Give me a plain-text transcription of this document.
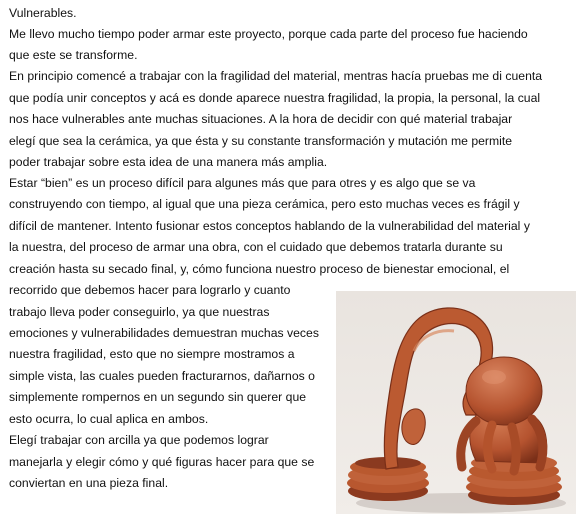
Vulnerables.
Me llevo mucho tiempo poder armar este proyecto, porque cada parte del proceso fue haciendo
que este se transforme.
En principio comencé a trabajar con la fragilidad del material, mentras hacía pruebas me di cuenta
que podía unir conceptos y acá es donde aparece nuestra fragilidad, la propia, la personal, la cual
nos hace vulnerables ante muchas situaciones. A la hora de decidir con qué material trabajar
elegí que sea la cerámica, ya que ésta y su constante transformación y mutación me permite
poder trabajar sobre esta idea de una manera más amplia.
Estar “bien” es un proceso difícil para algunes más que para otres y es algo que se va
construyendo con tiempo, al igual que una pieza cerámica, pero esto muchas veces es frágil y
difícil de mantener. Intento fusionar estos conceptos hablando de la vulnerabilidad del material y
la nuestra, del proceso de armar una obra, con el cuidado que debemos tratarla durante su
creación hasta su secado final, y, cómo funciona nuestro proceso de bienestar emocional, el
recorrido que debemos hacer para lograrlo y cuanto
trabajo lleva poder conseguirlo, ya que nuestras
emociones y vulnerabilidades demuestran muchas veces
nuestra fragilidad, esto que no siempre mostramos a
simple vista, las cuales pueden fracturarnos, dañarnos o
simplemente rompernos en un segundo sin querer que
esto ocurra, lo cual aplica en ambos.
Elegí trabajar con arcilla ya que podemos lograr
manejarla y elegir cómo y qué figuras hacer para que se
conviertan en una pieza final.
